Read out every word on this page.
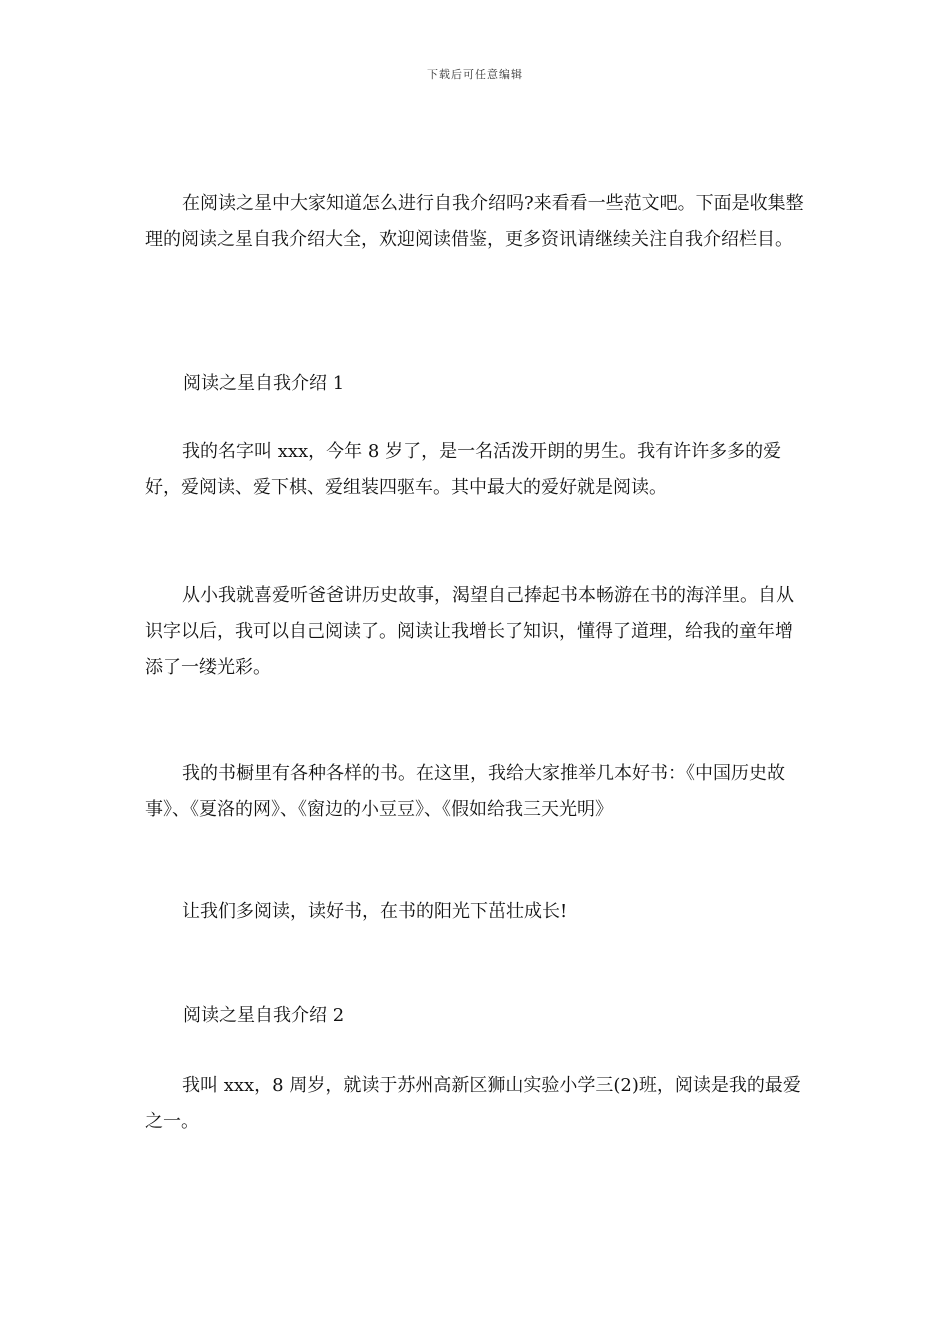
下载后可任意编辑

在阅读之星中大家知道怎么进行自我介绍吗?来看看一些范文吧。下面是收集整理的阅读之星自我介绍大全，欢迎阅读借鉴，更多资讯请继续关注自我介绍栏目。

阅读之星自我介绍 1

我的名字叫 xxx，今年 8 岁了，是一名活泼开朗的男生。我有许许多多的爱好，爱阅读、爱下棋、爱组装四驱车。其中最大的爱好就是阅读。

从小我就喜爱听爸爸讲历史故事，渴望自己捧起书本畅游在书的海洋里。自从识字以后，我可以自己阅读了。阅读让我增长了知识，懂得了道理，给我的童年增添了一缕光彩。

我的书橱里有各种各样的书。在这里，我给大家推举几本好书：《中国历史故事》、《夏洛的网》、《窗边的小豆豆》、《假如给我三天光明》

让我们多阅读，读好书，在书的阳光下茁壮成长!

阅读之星自我介绍 2

我叫 xxx，8 周岁，就读于苏州高新区狮山实验小学三(2)班，阅读是我的最爱之一。
